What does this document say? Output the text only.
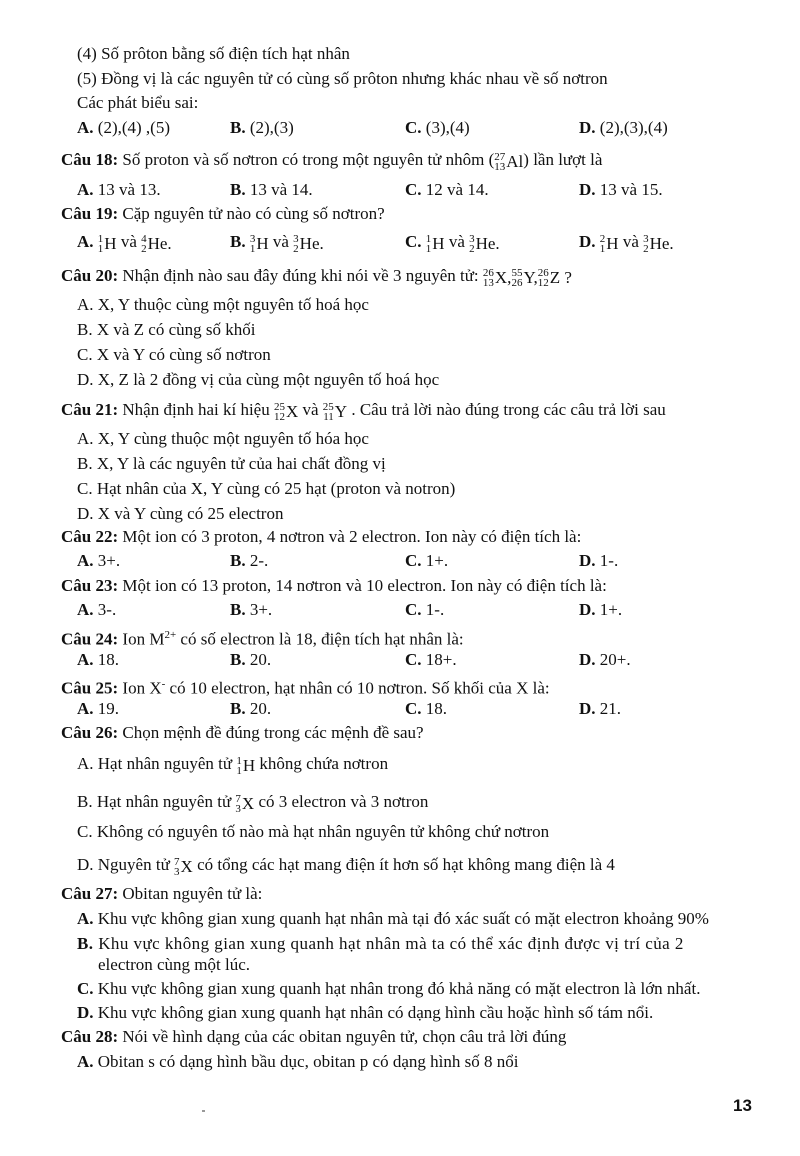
(4) Số prôton bằng số điện tích hạt nhân
(5) Đồng vị là các nguyên tử có cùng số prôton nhưng khác nhau về số nơtron
Các phát biểu sai:
A. (2),(4) ,(5)	B. (2),(3)	C. (3),(4)	D. (2),(3),(4)
Câu 18: Số proton và số nơtron có trong một nguyên tử nhôm ( 27
13 Al) lần lượt là
A. 13 và 13.	B. 13 và 14.	C. 12 và 14.	D. 13 và 15.
Câu 19: Cặp nguyên tử nào có cùng số nơtron?
A. 1
1 H và 4
2 He.	B. 3
1 H và 3
2 He.	C. 1
1 H và 3
2 He.	D. 2
1 H và 3
2 He.
Câu 20: Nhận định nào sau đây đúng khi nói về 3 nguyên tử: 26
13 X, 55
26 Y, 26
12 Z ?
A. X, Y thuộc cùng một nguyên tố hoá học
B. X và Z có cùng số khối
C. X và Y có cùng số nơtron
D. X, Z là 2 đồng vị của cùng một nguyên tố hoá học
Câu 21: Nhận định hai kí hiệu 25
12 X và 25
11 Y . Câu trả lời nào đúng trong các câu trả lời sau
A. X, Y cùng thuộc một nguyên tố hóa học
B. X, Y là các nguyên tử của hai chất đồng vị
C. Hạt nhân của X, Y cùng có 25 hạt (proton và notron)
D. X và Y cùng có 25 electron
Câu 22: Một ion có 3 proton, 4 nơtron và 2 electron. Ion này có điện tích là:
A. 3+.	B. 2-.	C. 1+.	D. 1-.
Câu 23: Một ion có 13 proton, 14 nơtron và 10 electron. Ion này có điện tích là:
A. 3-.	B. 3+.	C. 1-.	D. 1+.
Câu 24: Ion $M^{2+}$ có số electron là 18, điện tích hạt nhân là:
A. 18.	B. 20.	C. 18+.	D. 20+.
Câu 25: Ion X- có 10 electron, hạt nhân có 10 nơtron. Số khối của X là:
A. 19.	B. 20.	C. 18.	D. 21.
Câu 26: Chọn mệnh đề đúng trong các mệnh đề sau?
A. Hạt nhân nguyên tử 1
1 H không chứa nơtron
B. Hạt nhân nguyên tử 7
3 X có 3 electron và 3 nơtron
C. Không có nguyên tố nào mà hạt nhân nguyên tử không chứ nơtron
D. Nguyên tử 7
3 X có tổng các hạt mang điện ít hơn số hạt không mang điện là 4
Câu 27: Obitan nguyên tử là:
A. Khu vực không gian xung quanh hạt nhân mà tại đó xác suất có mặt electron khoảng 90%
B. Khu vực không gian xung quanh hạt nhân mà ta có thể xác định được vị trí của 2
electron cùng một lúc.
C. Khu vực không gian xung quanh hạt nhân trong đó khả năng có mặt electron là lớn nhất.
D. Khu vực không gian xung quanh hạt nhân có dạng hình cầu hoặc hình số tám nổi.
Câu 28: Nói về hình dạng của các obitan nguyên tử, chọn câu trả lời đúng
A. Obitan s có dạng hình bầu dục, obitan p có dạng hình số 8 nổi
13
